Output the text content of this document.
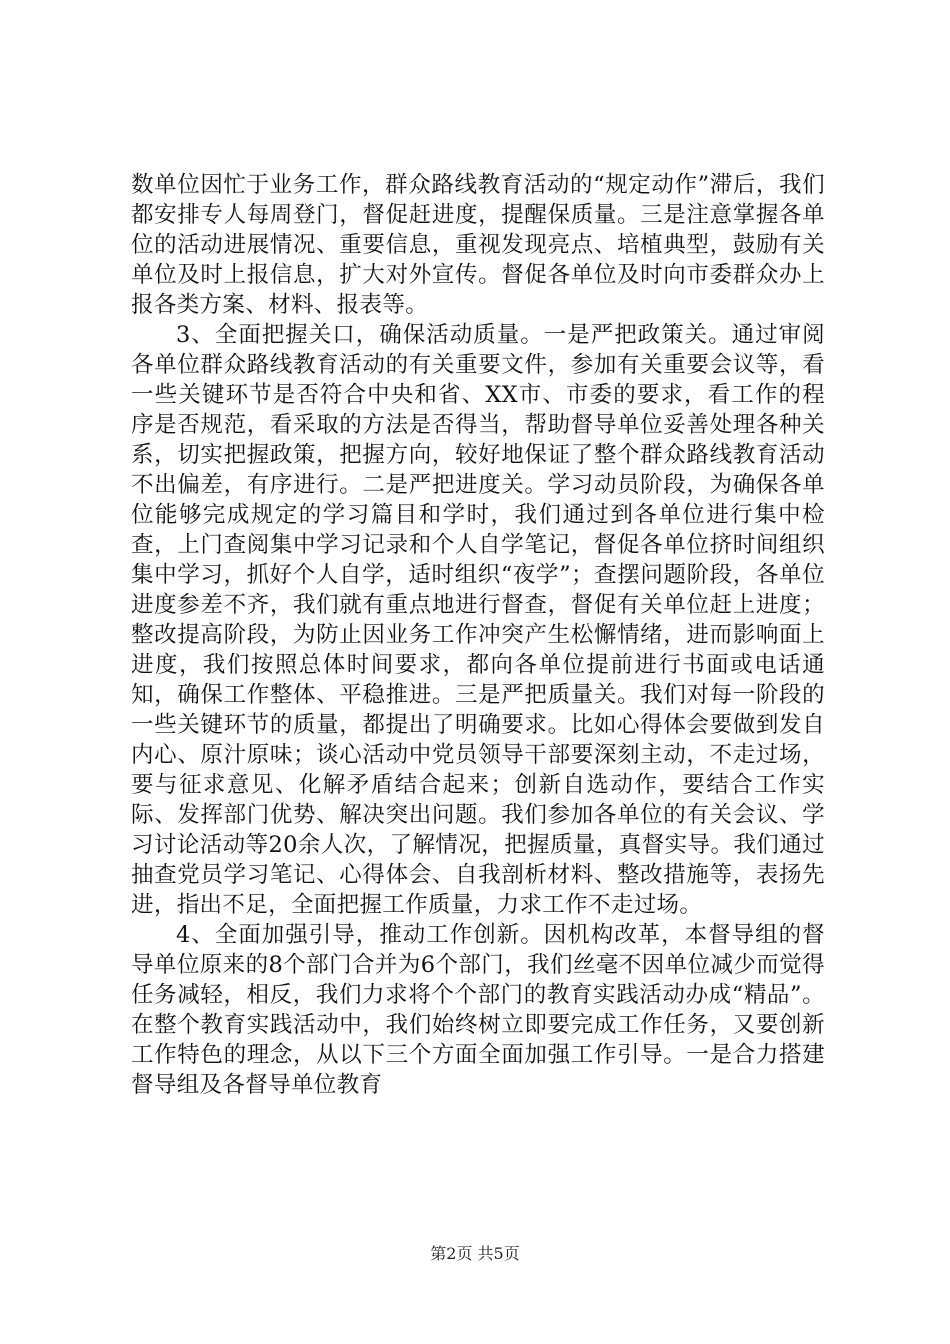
数单位因忙于业务工作，群众路线教育活动的“规定动作”滞后，我们都安排专人每周登门，督促赶进度，提醒保质量。三是注意掌握各单位的活动进展情况、重要信息，重视发现亮点、培植典型，鼓励有关单位及时上报信息，扩大对外宣传。督促各单位及时向市委群众办上报各类方案、材料、报表等。

3、全面把握关口，确保活动质量。一是严把政策关。通过审阅各单位群众路线教育活动的有关重要文件，参加有关重要会议等，看一些关键环节是否符合中央和省、XX市、市委的要求，看工作的程序是否规范，看采取的方法是否得当，帮助督导单位妥善处理各种关系，切实把握政策，把握方向，较好地保证了整个群众路线教育活动不出偏差，有序进行。二是严把进度关。学习动员阶段，为确保各单位能够完成规定的学习篇目和学时，我们通过到各单位进行集中检查，上门查阅集中学习记录和个人自学笔记，督促各单位挤时间组织集中学习，抓好个人自学，适时组织“夜学”；查摆问题阶段，各单位进度参差不齐，我们就有重点地进行督查，督促有关单位赶上进度；整改提高阶段，为防止因业务工作冲突产生松懈情绪，进而影响面上进度，我们按照总体时间要求，都向各单位提前进行书面或电话通知，确保工作整体、平稳推进。三是严把质量关。我们对每一阶段的一些关键环节的质量，都提出了明确要求。比如心得体会要做到发自内心、原汁原味；谈心活动中党员领导干部要深刻主动，不走过场，要与征求意见、化解矛盾结合起来；创新自选动作，要结合工作实际、发挥部门优势、解决突出问题。我们参加各单位的有关会议、学习讨论活动等20余人次，了解情况，把握质量，真督实导。我们通过抽查党员学习笔记、心得体会、自我剖析材料、整改措施等，表扬先进，指出不足，全面把握工作质量，力求工作不走过场。

4、全面加强引导，推动工作创新。因机构改革，本督导组的督导单位原来的8个部门合并为6个部门，我们丝毫不因单位减少而觉得任务减轻，相反，我们力求将个个部门的教育实践活动办成“精品”。在整个教育实践活动中，我们始终树立即要完成工作任务，又要创新工作特色的理念，从以下三个方面全面加强工作引导。一是合力搭建督导组及各督导单位教育

第2页 共5页
